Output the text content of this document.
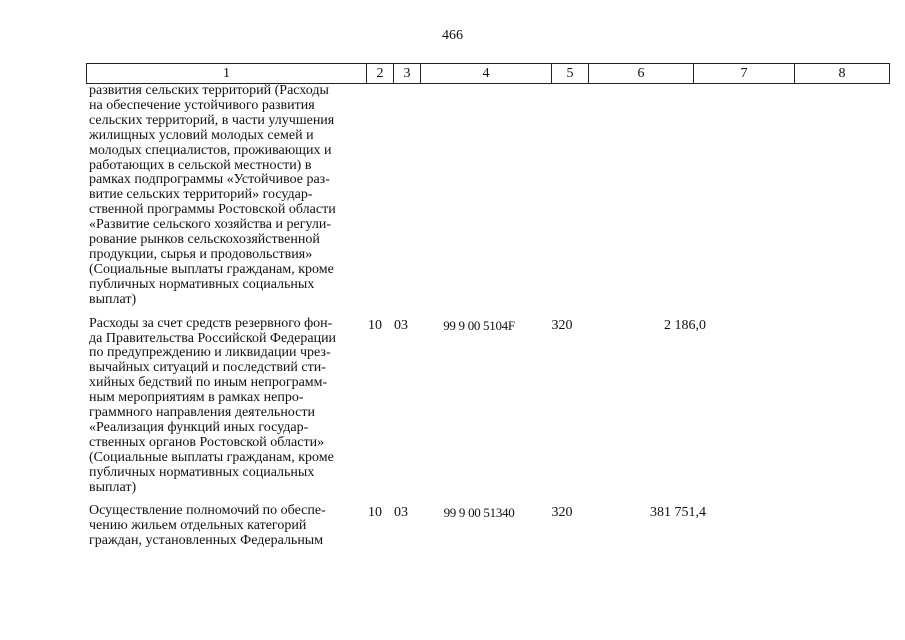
466
1	2	3	4	5	6	7	8
развития сельских территорий (Расходы
на обеспечение устойчивого развития
сельских территорий, в части улучшения
жилищных условий молодых семей и
молодых специалистов, проживающих и
работающих в сельской местности) в
рамках подпрограммы «Устойчивое раз-
витие сельских территорий» государ-
ственной программы Ростовской области
«Развитие сельского хозяйства и регули-
рование рынков сельскохозяйственной
продукции, сырья и продовольствия»
(Социальные выплаты гражданам, кроме
публичных нормативных социальных
выплат)
Расходы за счет средств резервного фон-
да Правительства Российской Федерации
по предупреждению и ликвидации чрез-
вычайных ситуаций и последствий сти-
хийных бедствий по иным непрограмм-
ным мероприятиям в рамках непро-
граммного направления деятельности
«Реализация функций иных государ-
ственных органов Ростовской области»
(Социальные выплаты гражданам, кроме
публичных нормативных социальных
выплат)
10 03	99 9 00 5104F	320	2 186,0
Осуществление полномочий по обеспе-
чению жильем отдельных категорий
граждан, установленных Федеральным
10 03	99 9 00 51340	320	381 751,4
